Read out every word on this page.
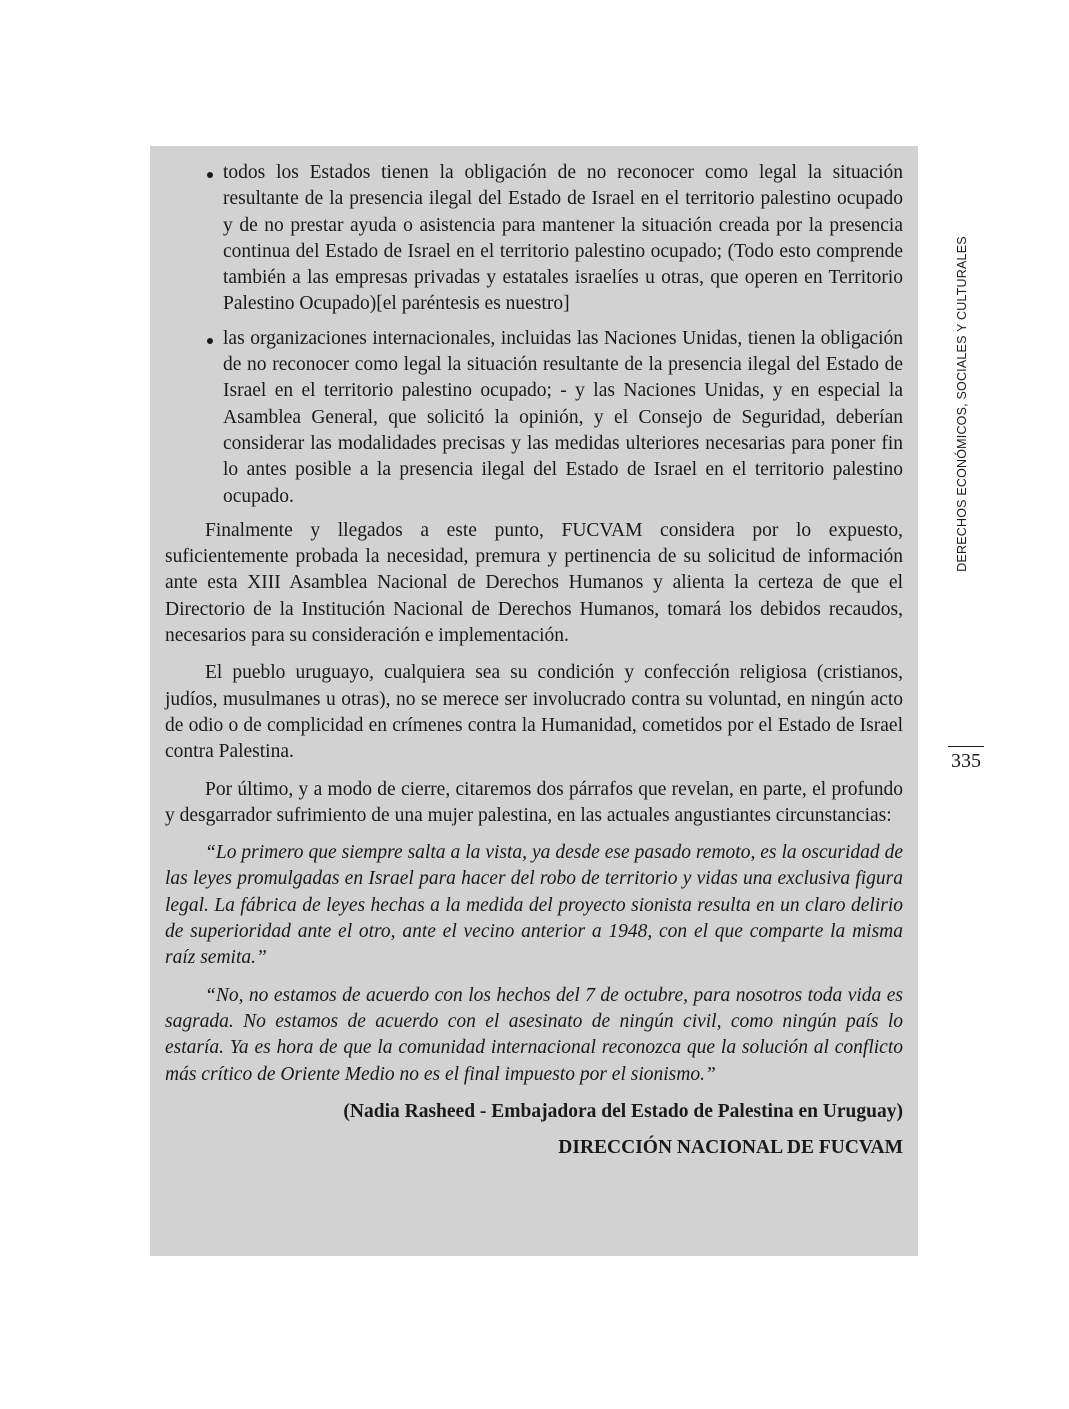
todos los Estados tienen la obligación de no reconocer como legal la situación resultante de la presencia ilegal del Estado de Israel en el territorio palestino ocupado y de no prestar ayuda o asistencia para mantener la situación creada por la presencia continua del Estado de Israel en el territorio palestino ocupado; (Todo esto comprende también a las empresas privadas y estatales israelíes u otras, que operen en Territorio Palestino Ocupado)[el paréntesis es nuestro]
las organizaciones internacionales, incluidas las Naciones Unidas, tienen la obligación de no reconocer como legal la situación resultante de la presencia ilegal del Estado de Israel en el territorio palestino ocupado; - y las Naciones Unidas, y en especial la Asamblea General, que solicitó la opinión, y el Consejo de Seguridad, deberían considerar las modalidades precisas y las medidas ulteriores necesarias para poner fin lo antes posible a la presencia ilegal del Estado de Israel en el territorio palestino ocupado.

Finalmente y llegados a este punto, FUCVAM considera por lo expuesto, suficientemente probada la necesidad, premura y pertinencia de su solicitud de información ante esta XIII Asamblea Nacional de Derechos Humanos y alienta la certeza de que el Directorio de la Institución Nacional de Derechos Humanos, tomará los debidos recaudos, necesarios para su consideración e implementación.

El pueblo uruguayo, cualquiera sea su condición y confección religiosa (cristianos, judíos, musulmanes u otras), no se merece ser involucrado contra su voluntad, en ningún acto de odio o de complicidad en crímenes contra la Humanidad, cometidos por el Estado de Israel contra Palestina.

Por último, y a modo de cierre, citaremos dos párrafos que revelan, en parte, el profundo y desgarrador sufrimiento de una mujer palestina, en las actuales angustiantes circunstancias:

“Lo primero que siempre salta a la vista, ya desde ese pasado remoto, es la oscuridad de las leyes promulgadas en Israel para hacer del robo de territorio y vidas una exclusiva figura legal. La fábrica de leyes hechas a la medida del proyecto sionista resulta en un claro delirio de superioridad ante el otro, ante el vecino anterior a 1948, con el que comparte la misma raíz semita.”

“No, no estamos de acuerdo con los hechos del 7 de octubre, para nosotros toda vida es sagrada. No estamos de acuerdo con el asesinato de ningún civil, como ningún país lo estaría. Ya es hora de que la comunidad internacional reconozca que la solución al conflicto más crítico de Oriente Medio no es el final impuesto por el sionismo.”

(Nadia Rasheed - Embajadora del Estado de Palestina en Uruguay)

DIRECCIÓN NACIONAL DE FUCVAM

DERECHOS ECONÓMICOS, SOCIALES Y CULTURALES
335
